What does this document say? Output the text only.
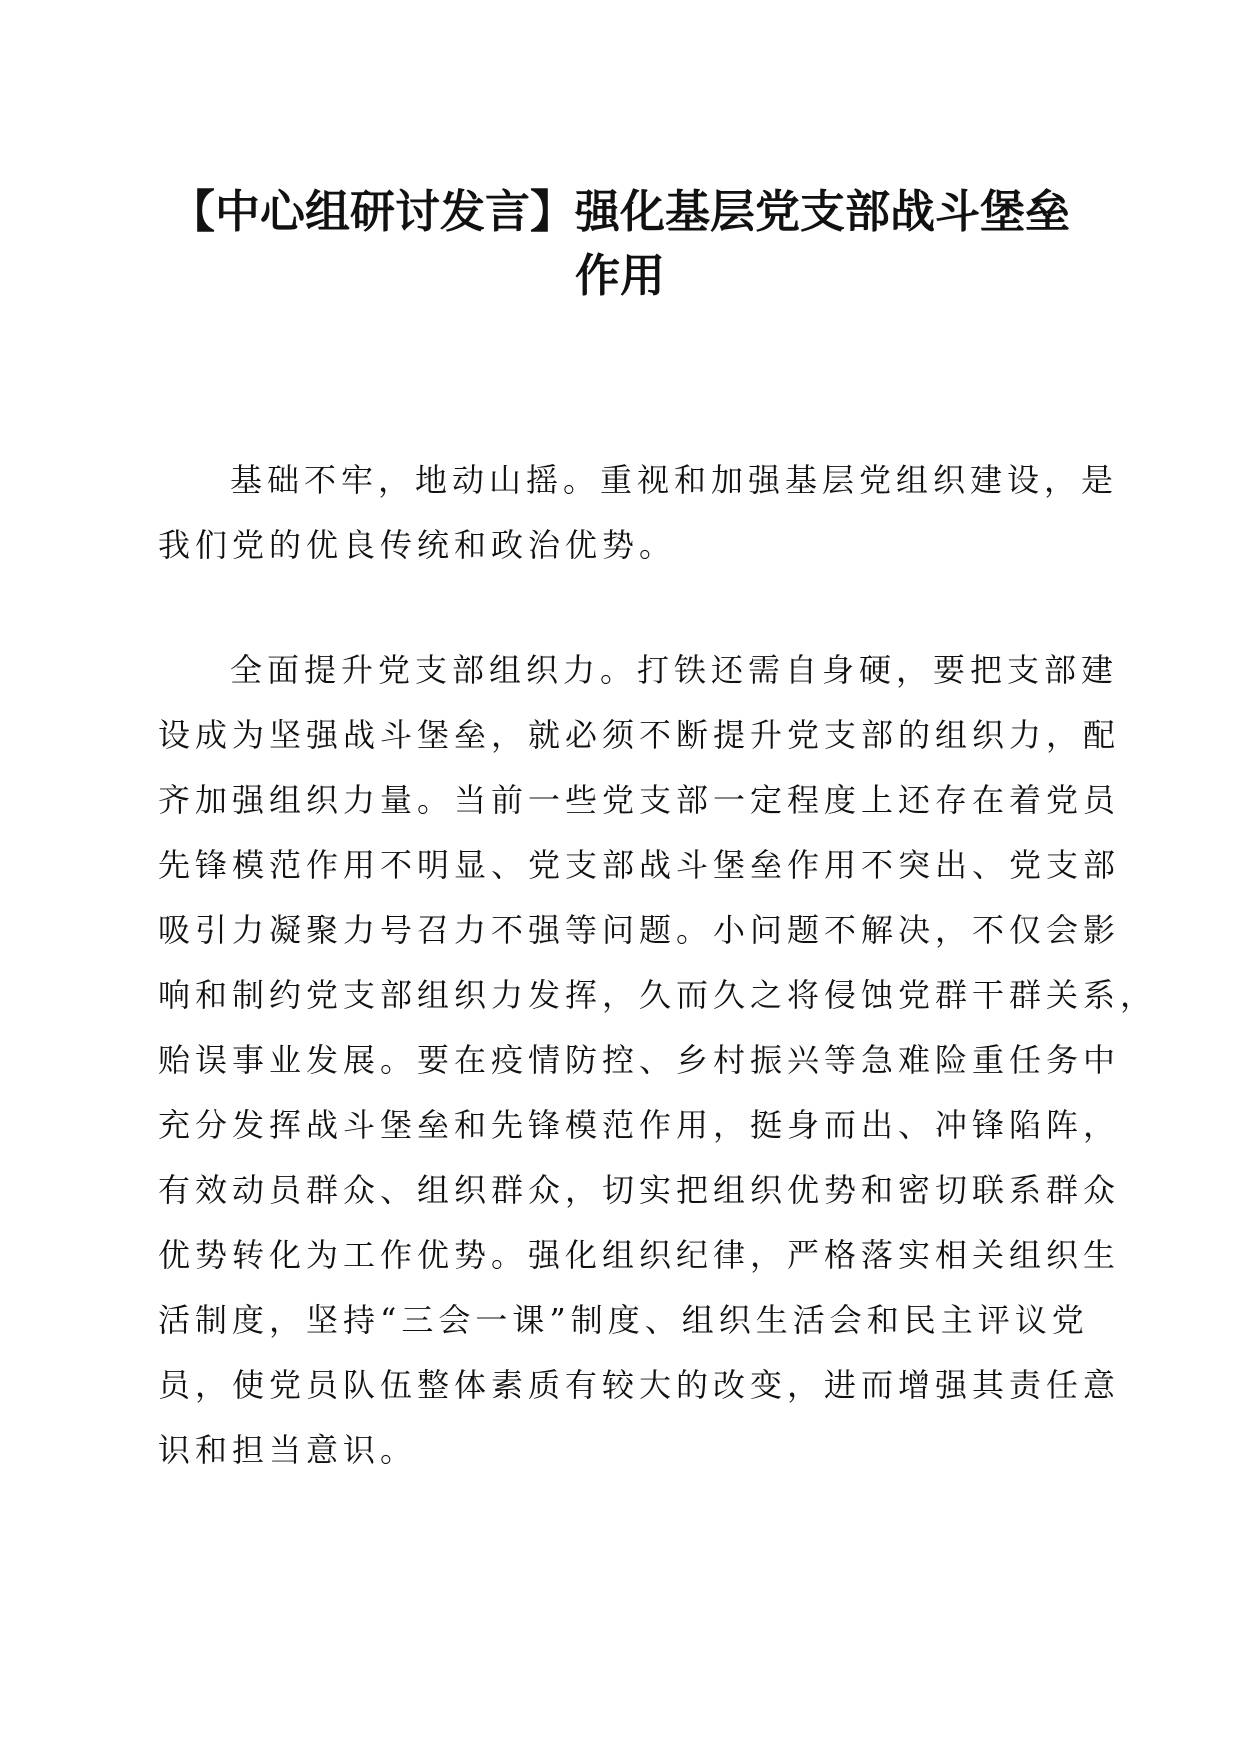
【中心组研讨发言】强化基层党支部战斗堡垒
作用
基础不牢，地动山摇。重视和加强基层党组织建设，是
我们党的优良传统和政治优势。
全面提升党支部组织力。打铁还需自身硬，要把支部建
设成为坚强战斗堡垒，就必须不断提升党支部的组织力，配
齐加强组织力量。当前一些党支部一定程度上还存在着党员
先锋模范作用不明显、党支部战斗堡垒作用不突出、党支部
吸引力凝聚力号召力不强等问题。小问题不解决，不仅会影
响和制约党支部组织力发挥，久而久之将侵蚀党群干群关系，
贻误事业发展。要在疫情防控、乡村振兴等急难险重任务中
充分发挥战斗堡垒和先锋模范作用，挺身而出、冲锋陷阵，
有效动员群众、组织群众，切实把组织优势和密切联系群众
优势转化为工作优势。强化组织纪律，严格落实相关组织生
活制度，坚持“三会一课”制度、组织生活会和民主评议党
员，使党员队伍整体素质有较大的改变，进而增强其责任意
识和担当意识。
